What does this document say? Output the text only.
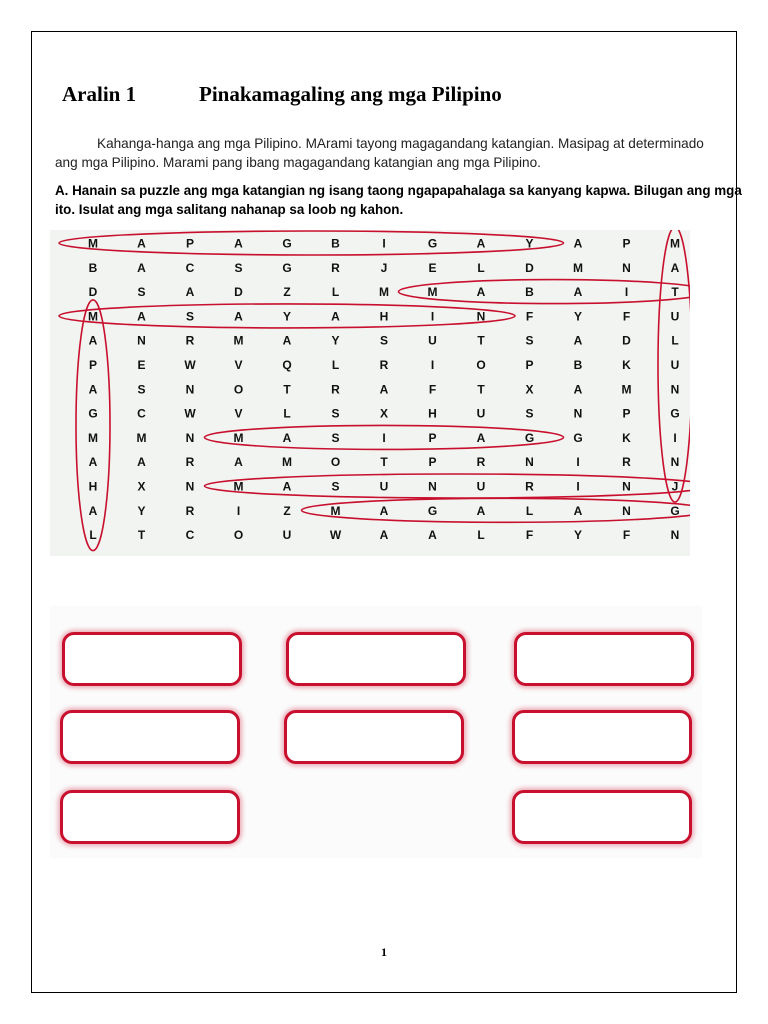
Aralin 1	Pinakamagaling ang mga Pilipino

Kahanga-hanga ang mga Pilipino. MArami tayong magagandang katangian. Masipag at determinado ang mga Pilipino. Marami pang ibang magagandang katangian ang mga Pilipino.

A. Hanain sa puzzle ang mga katangian ng isang taong ngapapahalaga sa kanyang kapwa. Bilugan ang mga ito. Isulat ang mga salitang nahanap sa loob ng kahon.

M	A	P	A	G	B	I	G	A	Y	A	P	M
B	A	C	S	G	R	J	E	L	D	M	N	A
D	S	A	D	Z	L	M	M	A	B	A	I	T
M	A	S	A	Y	A	H	I	N	F	Y	F	U
A	N	R	M	A	Y	S	U	T	S	A	D	L
P	E	W	V	Q	L	R	I	O	P	B	K	U
A	S	N	O	T	R	A	F	T	X	A	M	N
G	C	W	V	L	S	X	H	U	S	N	P	G
M	M	N	M	A	S	I	P	A	G	G	K	I
A	A	R	A	M	O	T	P	R	N	I	R	N
H	X	N	M	A	S	U	N	U	R	I	N	J
A	Y	R	I	Z	M	A	G	A	L	A	N	G
L	T	C	O	U	W	A	A	L	F	Y	F	N
1
